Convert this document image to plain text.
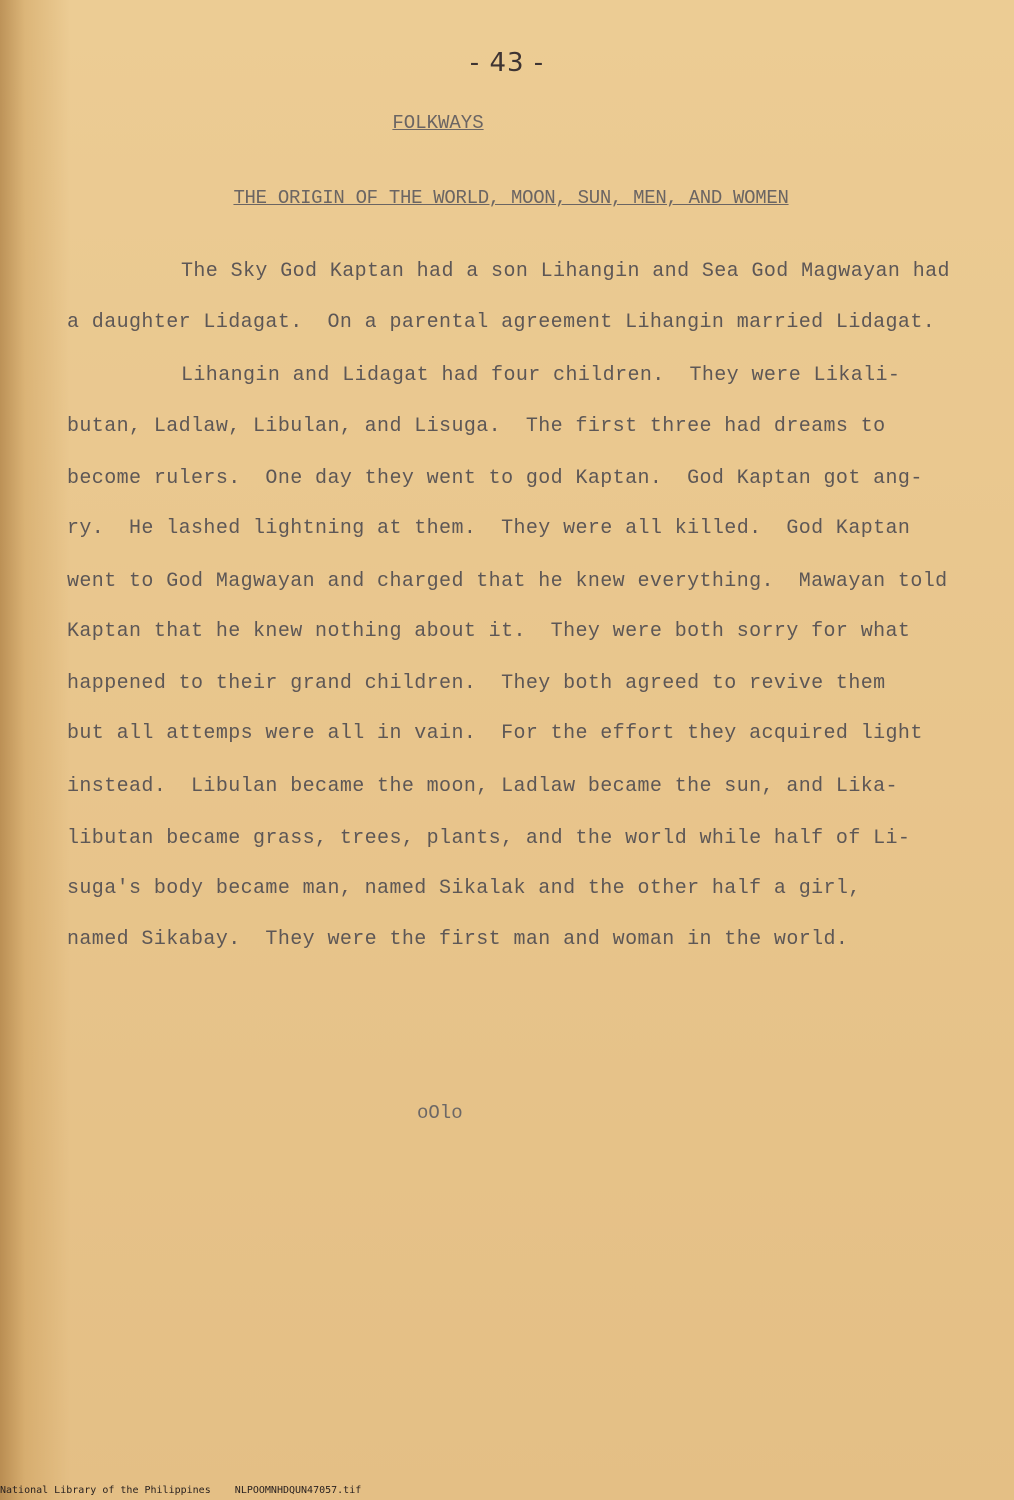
- 43 -
FOLKWAYS
THE ORIGIN OF THE WORLD, MOON, SUN, MEN, AND WOMEN
The Sky God Kaptan had a son Lihangin and Sea God Magwayan had
a daughter Lidagat.  On a parental agreement Lihangin married Lidagat.
Lihangin and Lidagat had four children.  They were Likali-
butan, Ladlaw, Libulan, and Lisuga.  The first three had dreams to
become rulers.  One day they went to god Kaptan.  God Kaptan got ang-
ry.  He lashed lightning at them.  They were all killed.  God Kaptan
went to God Magwayan and charged that he knew everything.  Mawayan told
Kaptan that he knew nothing about it.  They were both sorry for what
happened to their grand children.  They both agreed to revive them
but all attemps were all in vain.  For the effort they acquired light
instead.  Libulan became the moon, Ladlaw became the sun, and Lika-
libutan became grass, trees, plants, and the world while half of Li-
suga's body became man, named Sikalak and the other half a girl,
named Sikabay.  They were the first man and woman in the world.
oOlo
National Library of the Philippines    NLPOOMNHDQUN47057.tif
